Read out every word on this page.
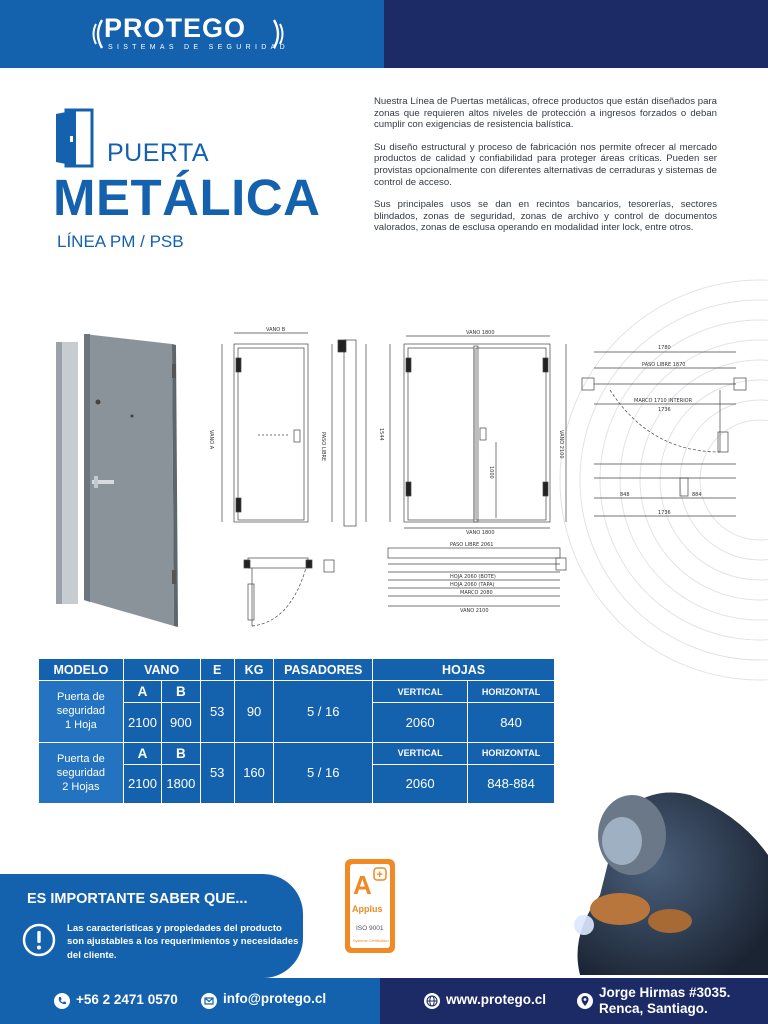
PROTEGO
SISTEMAS DE SEGURIDAD
PUERTA
METÁLICA
LÍNEA PM / PSB

Nuestra Línea de Puertas metálicas, ofrece productos que están diseñados para zonas que requieren altos niveles de protección a ingresos forzados o deban cumplir con exigencias de resistencia balística.

Su diseño estructural y proceso de fabricación nos permite ofrecer al mercado productos de calidad y confiabilidad para proteger áreas críticas. Pueden ser provistas opcionalmente con diferentes alternativas de cerraduras y sistemas de control de acceso.

Sus principales usos se dan en recintos bancarios, tesorerías, sectores blindados, zonas de seguridad, zonas de archivo y control de documentos valorados, zonas de esclusa operando en modalidad inter lock, entre otros.

VANO B
VANO A	PASO LIBRE
VANO 1800
VANO 1800
VANO 2100
1544
1000
1780
PASO LIBRE 1870
MARCO 1710 INTERIOR
1736
848	884
1736
PASO LIBRE 2061
HOJA 2060 (BOTE)
HOJA 2060 (TAPA)
MARCO 2080
VANO 2100
MODELO	VANO		E	KG	PASADORES	HOJAS	
Puerta de
seguridad
1 Hoja	A	B	53	90	5 / 16	VERTICAL	HORIZONTAL
	2100	900				2060	840
Puerta de
seguridad
2 Hojas	A	B	53	160	5 / 16	VERTICAL	HORIZONTAL
	2100	1800				2060	848-884
ES IMPORTANTE SABER QUE...
Las características y propiedades del producto son ajustables a los requerimientos y necesidades del cliente.
A +
Applus
ISO 9001
Systems Certification
+56 2 2471 0570	info@protego.cl	www.protego.cl	Jorge Hirmas #3035.
Renca, Santiago.
